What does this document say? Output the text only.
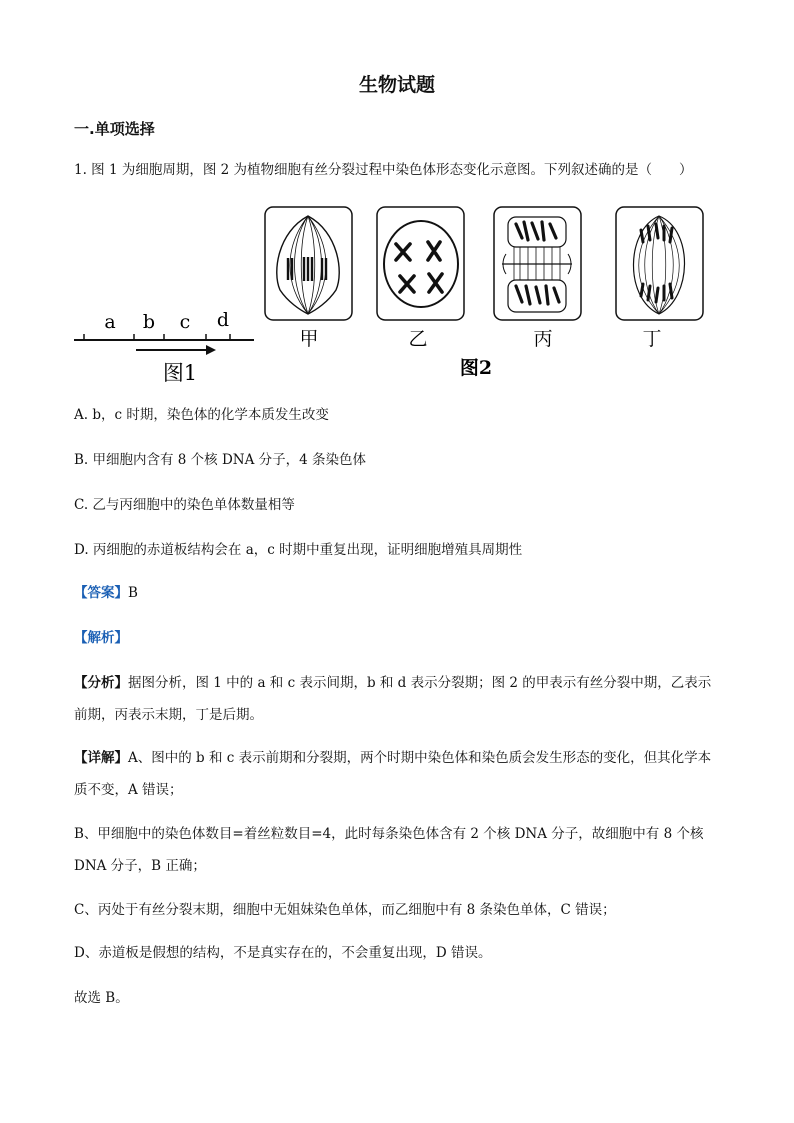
生物试题
一.单项选择
1. 图 1 为细胞周期，图 2 为植物细胞有丝分裂过程中染色体形态变化示意图。下列叙述确的是（　　）
a b c d
图1
甲	乙	丙	丁
图2
A. b，c 时期，染色体的化学本质发生改变
B. 甲细胞内含有 8 个核 DNA 分子，4 条染色体
C. 乙与丙细胞中的染色单体数量相等
D. 丙细胞的赤道板结构会在 a，c 时期中重复出现，证明细胞增殖具周期性
【答案】B
【解析】
【分析】据图分析，图 1 中的 a 和 c 表示间期，b 和 d 表示分裂期；图 2 的甲表示有丝分裂中期，乙表示前期，丙表示末期，丁是后期。
【详解】A、图中的 b 和 c 表示前期和分裂期，两个时期中染色体和染色质会发生形态的变化，但其化学本质不变，A 错误；
B、甲细胞中的染色体数目=着丝粒数目=4，此时每条染色体含有 2 个核 DNA 分子，故细胞中有 8 个核 DNA 分子，B 正确；
C、丙处于有丝分裂末期，细胞中无姐妹染色单体，而乙细胞中有 8 条染色单体，C 错误；
D、赤道板是假想的结构，不是真实存在的，不会重复出现，D 错误。
故选 B。
